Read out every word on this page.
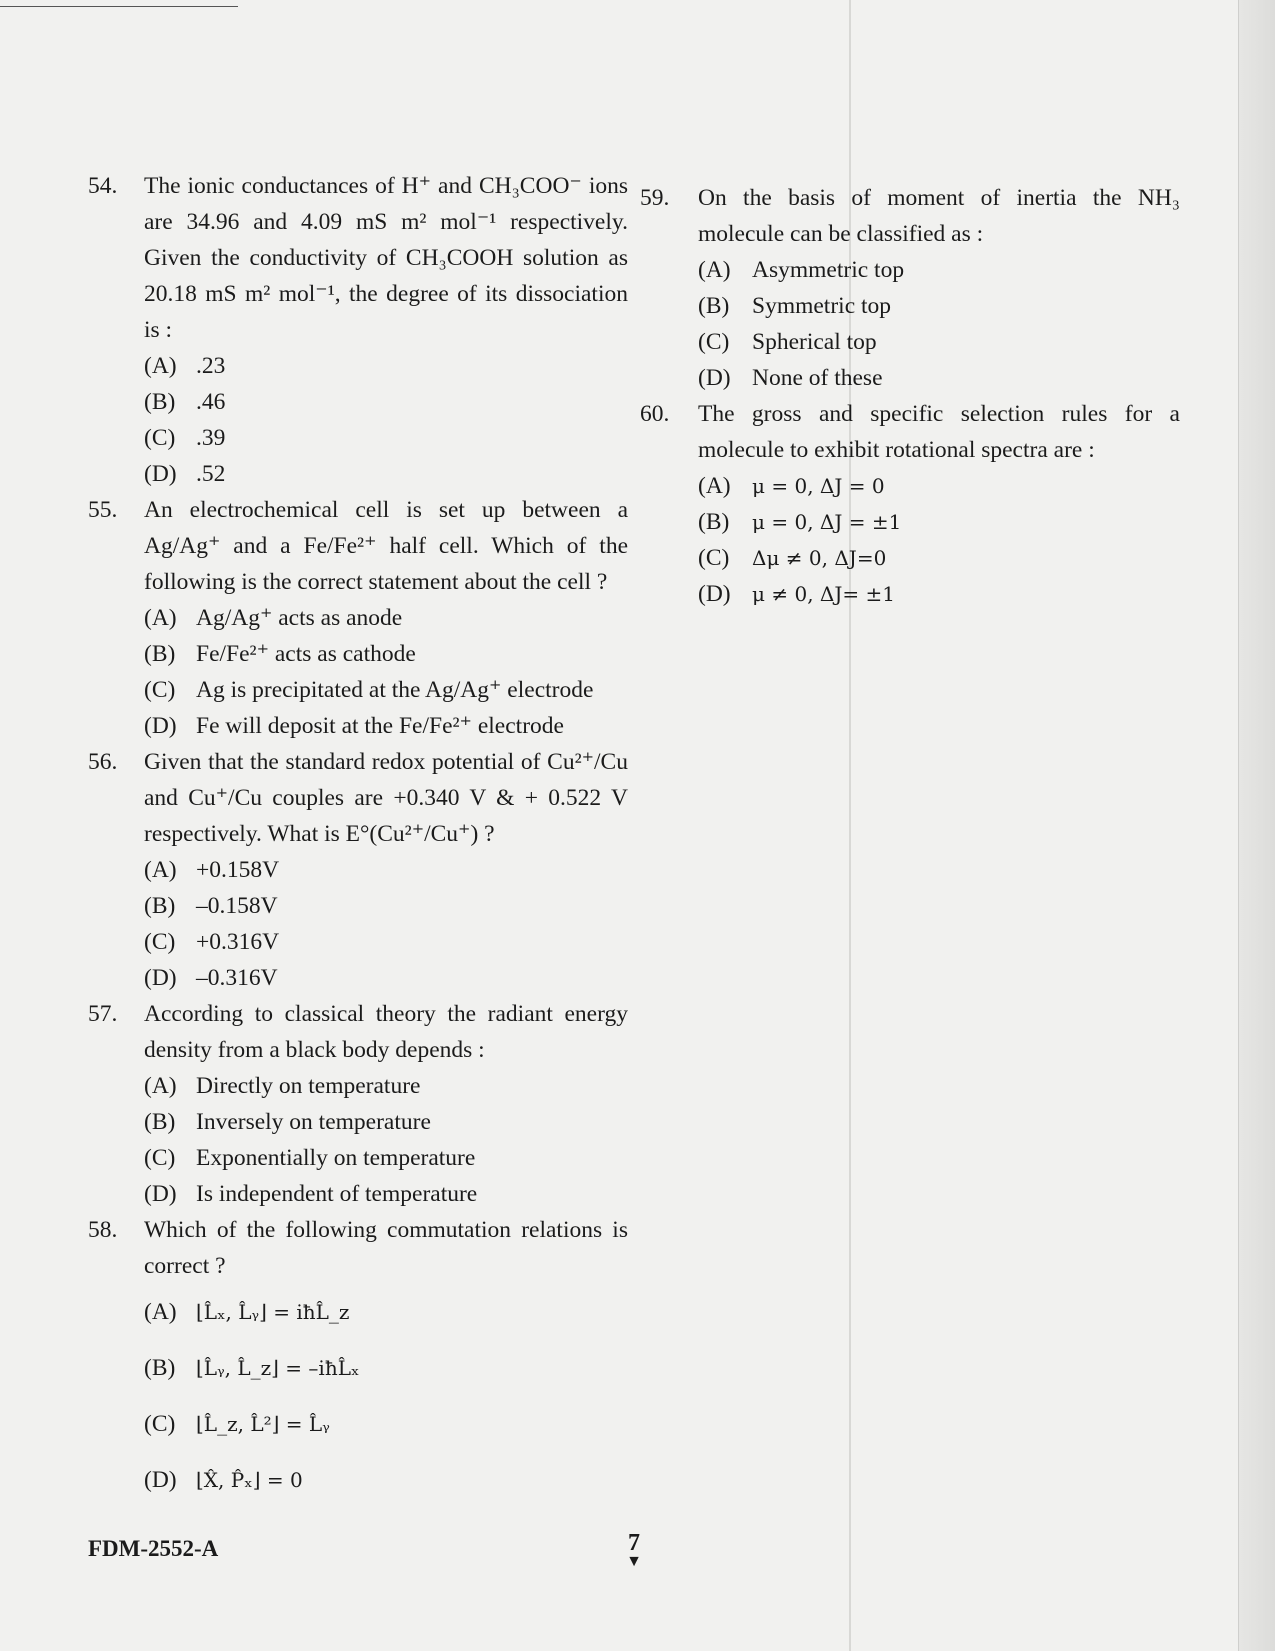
54. The ionic conductances of H⁺ and CH₃COO⁻ ions are 34.96 and 4.09 mS m² mol⁻¹ respectively. Given the conductivity of CH₃COOH solution as 20.18 mS m² mol⁻¹, the degree of its dissociation is :
(A) .23
(B) .46
(C) .39
(D) .52
55. An electrochemical cell is set up between a Ag/Ag⁺ and a Fe/Fe²⁺ half cell. Which of the following is the correct statement about the cell ?
(A) Ag/Ag⁺ acts as anode
(B) Fe/Fe²⁺ acts as cathode
(C) Ag is precipitated at the Ag/Ag⁺ electrode
(D) Fe will deposit at the Fe/Fe²⁺ electrode
56. Given that the standard redox potential of Cu²⁺/Cu and Cu⁺/Cu couples are +0.340 V & + 0.522 V respectively. What is E°(Cu²⁺/Cu⁺) ?
(A) +0.158V
(B) –0.158V
(C) +0.316V
(D) –0.316V
57. According to classical theory the radiant energy density from a black body depends :
(A) Directly on temperature
(B) Inversely on temperature
(C) Exponentially on temperature
(D) Is independent of temperature
58. Which of the following commutation relations is correct ?
(A) ⌊L̂ₓ, L̂ᵧ⌋ = iħL̂_z
(B)	⌊L̂ᵧ, L̂_z⌋ = –iħL̂ₓ
(C)	⌊L̂_z, L̂²⌋ = L̂ᵧ
(D) ⌊X̂, P̂ₓ⌋ = 0
59. On the basis of moment of inertia the NH₃ molecule can be classified as :
(A) Asymmetric top
(B) Symmetric top
(C) Spherical top
(D) None of these
60. The gross and specific selection rules for a molecule to exhibit rotational spectra are :
(A)	μ = 0, ΔJ = 0
(B)	μ = 0, ΔJ = ±1
(C)	Δμ ≠ 0, ΔJ=0
(D)	μ ≠ 0, ΔJ= ±1
FDM-2552-A	7
▼
